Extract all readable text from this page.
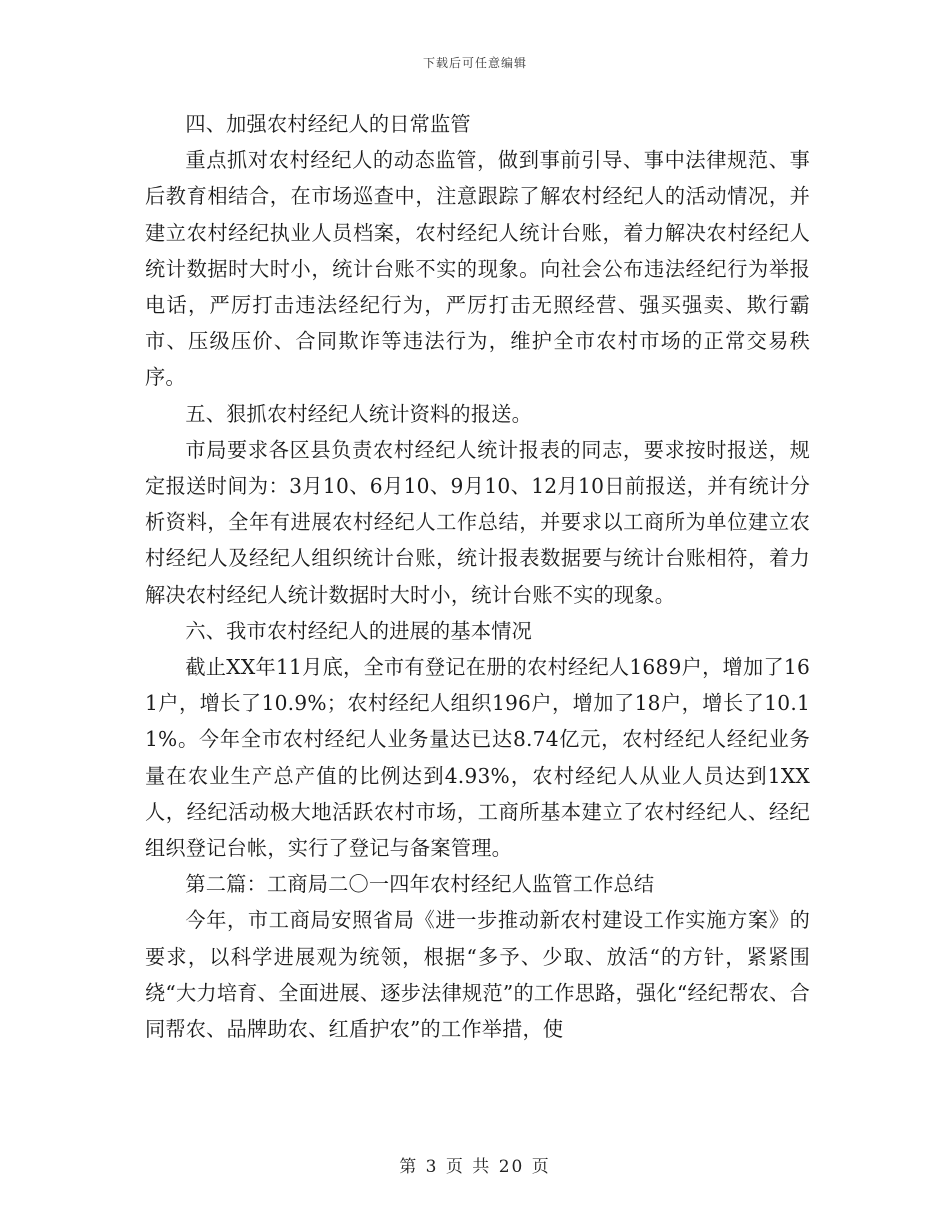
下载后可任意编辑

四、加强农村经纪人的日常监管

重点抓对农村经纪人的动态监管，做到事前引导、事中法律规范、事后教育相结合，在市场巡查中，注意跟踪了解农村经纪人的活动情况，并建立农村经纪执业人员档案，农村经纪人统计台账，着力解决农村经纪人统计数据时大时小，统计台账不实的现象。向社会公布违法经纪行为举报电话，严厉打击违法经纪行为，严厉打击无照经营、强买强卖、欺行霸市、压级压价、合同欺诈等违法行为，维护全市农村市场的正常交易秩序。

五、狠抓农村经纪人统计资料的报送。

市局要求各区县负责农村经纪人统计报表的同志，要求按时报送，规定报送时间为：3月10、6月10、9月10、12月10日前报送，并有统计分析资料，全年有进展农村经纪人工作总结，并要求以工商所为单位建立农村经纪人及经纪人组织统计台账，统计报表数据要与统计台账相符，着力解决农村经纪人统计数据时大时小，统计台账不实的现象。

六、我市农村经纪人的进展的基本情况

截止XX年11月底，全市有登记在册的农村经纪人1689户，增加了161户，增长了10.9%；农村经纪人组织196户，增加了18户，增长了10.11%。今年全市农村经纪人业务量达已达8.74亿元，农村经纪人经纪业务量在农业生产总产值的比例达到4.93%，农村经纪人从业人员达到1XX人，经纪活动极大地活跃农村市场，工商所基本建立了农村经纪人、经纪组织登记台帐，实行了登记与备案管理。

第二篇：工商局二〇一四年农村经纪人监管工作总结

今年，市工商局安照省局《进一步推动新农村建设工作实施方案》的要求，以科学进展观为统领，根据“多予、少取、放活“的方针，紧紧围绕“大力培育、全面进展、逐步法律规范”的工作思路，强化“经纪帮农、合同帮农、品牌助农、红盾护农”的工作举措，使

第 3 页 共 20 页
